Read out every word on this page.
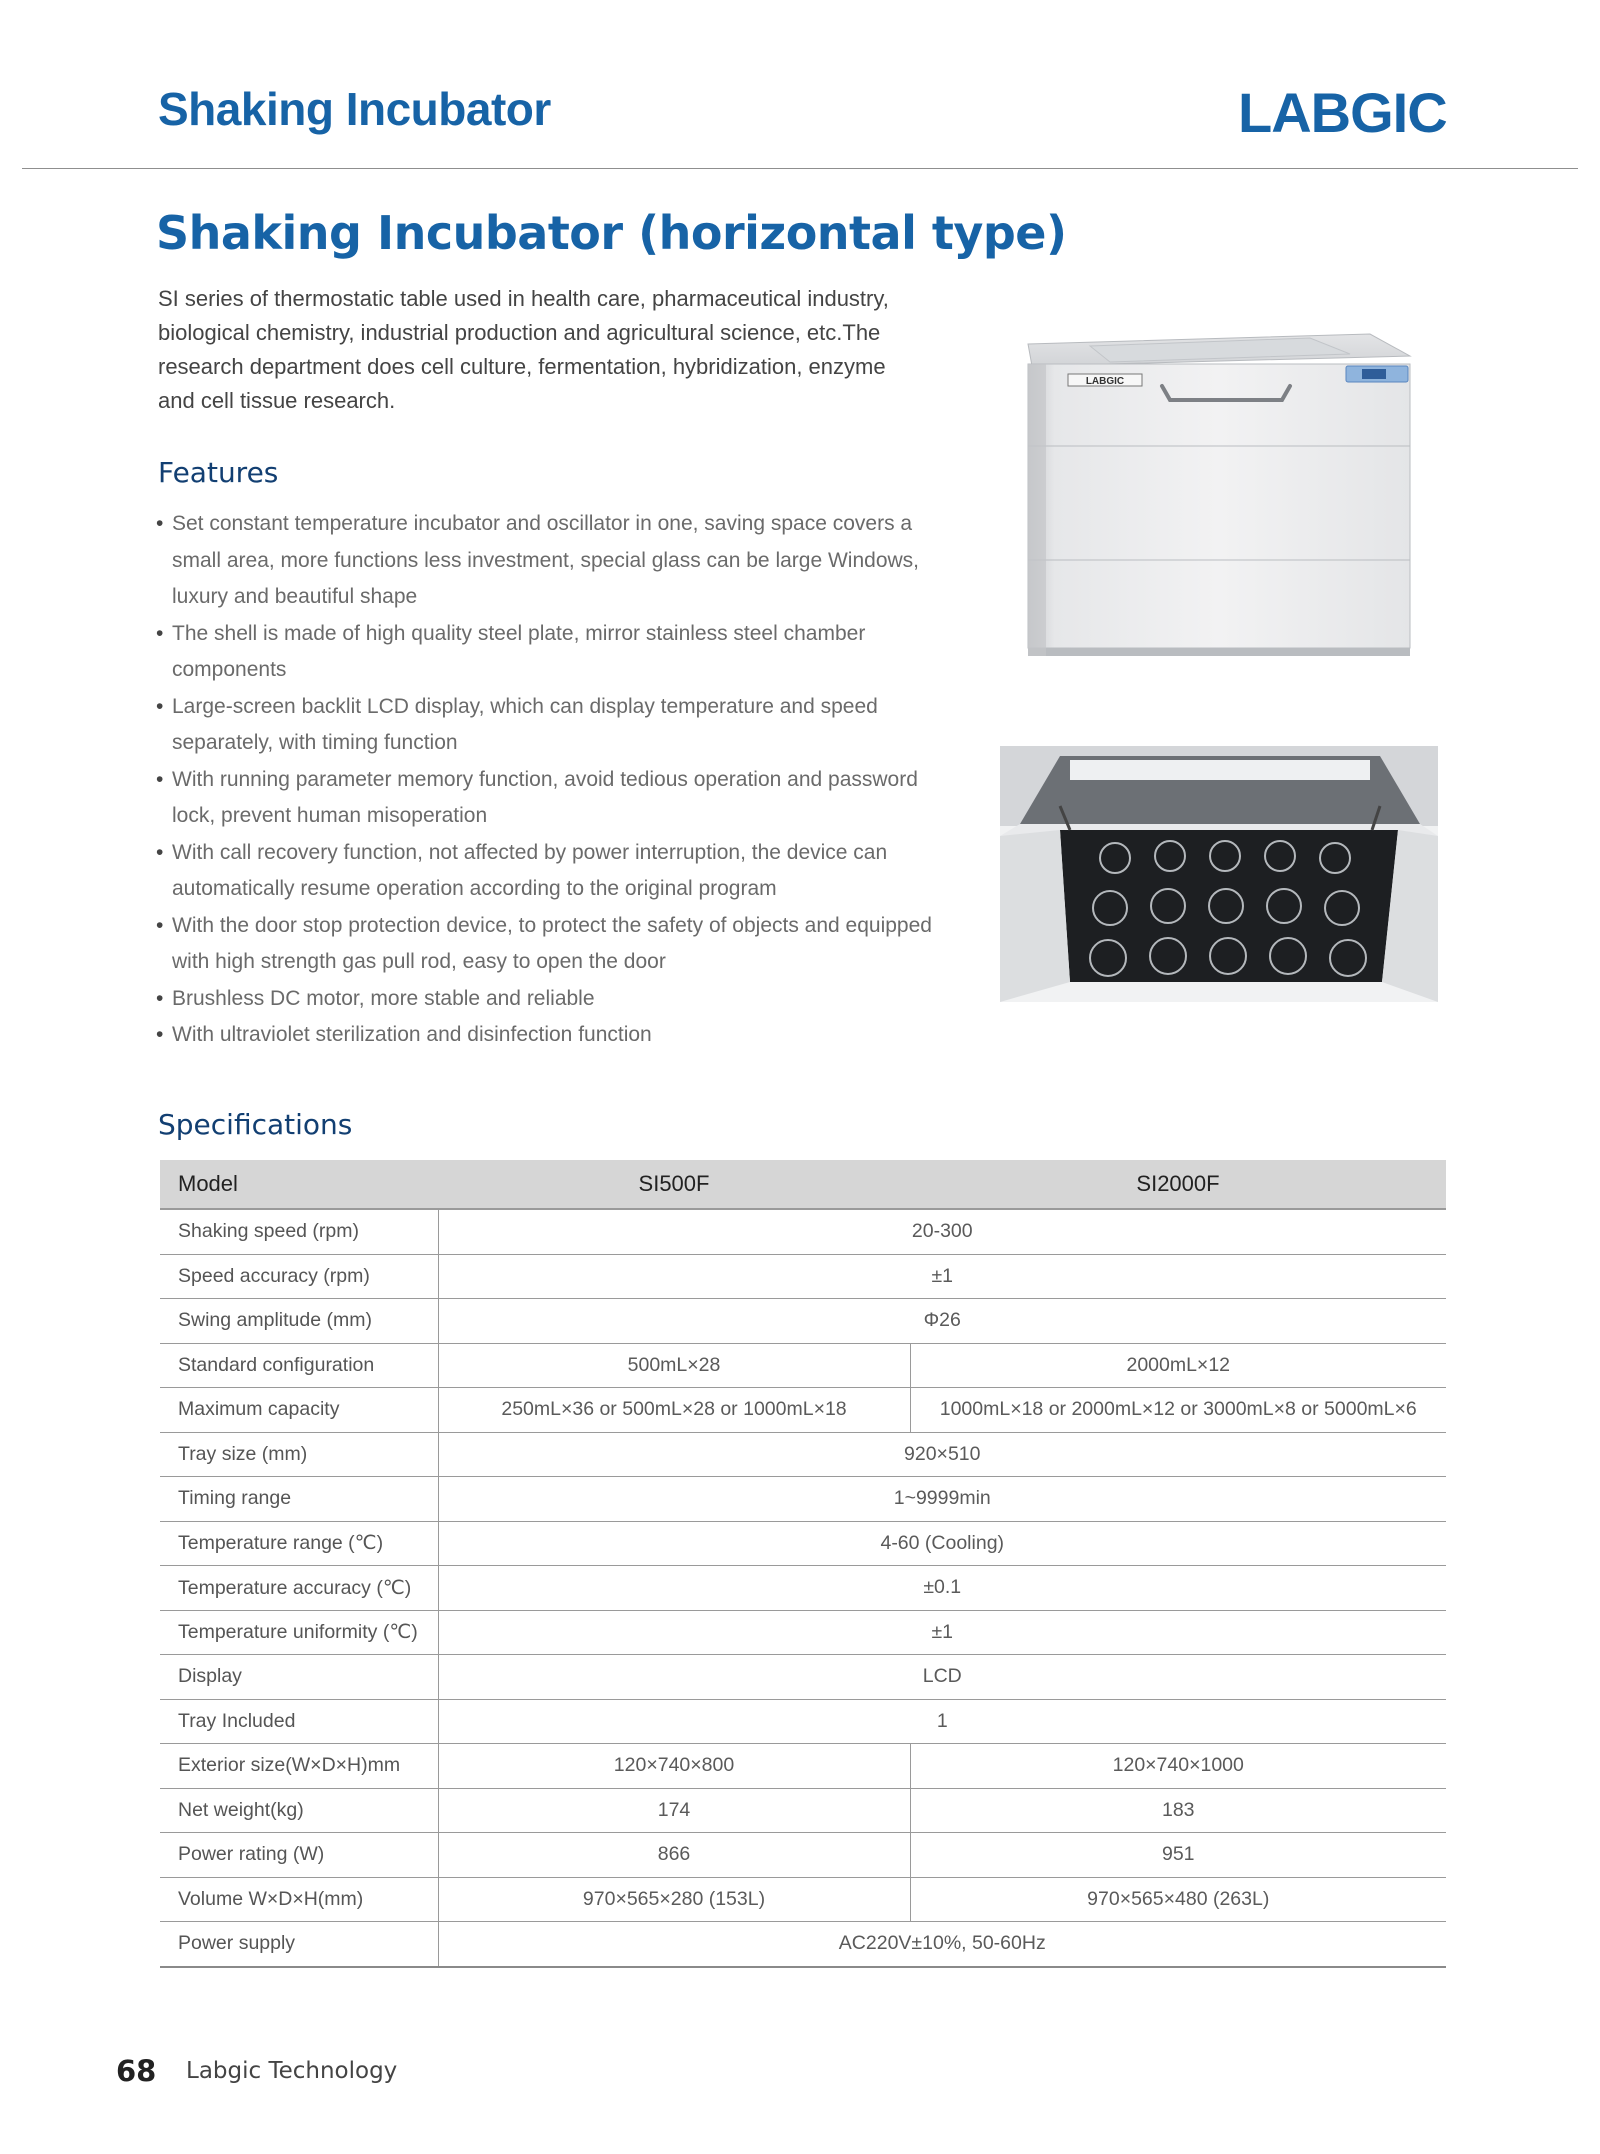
Shaking Incubator	LABGIC
Shaking Incubator (horizontal type)
SI series of thermostatic table used in health care, pharmaceutical industry,
biological chemistry, industrial production and agricultural science, etc.The
research department does cell culture, fermentation, hybridization, enzyme
and cell tissue research.
Features
• Set constant temperature incubator and oscillator in one, saving space covers a
small area, more functions less investment, special glass can be large Windows,
luxury and beautiful shape
• The shell is made of high quality steel plate, mirror stainless steel chamber
components
• Large-screen backlit LCD display, which can display temperature and speed
separately, with timing function
• With running parameter memory function, avoid tedious operation and password
lock, prevent human misoperation
• With call recovery function, not affected by power interruption, the device can
automatically resume operation according to the original program
• With the door stop protection device, to protect the safety of objects and equipped
with high strength gas pull rod, easy to open the door
• Brushless DC motor, more stable and reliable
• With ultraviolet sterilization and disinfection function
LABGIC
Specifications
Model	SI500F	SI2000F
Shaking speed (rpm)	20-300	
Speed accuracy (rpm)	±1	
Swing amplitude (mm)	Φ26	
Standard configuration	500mL×28	2000mL×12
Maximum capacity	250mL×36 or 500mL×28 or 1000mL×18	1000mL×18 or 2000mL×12 or 3000mL×8 or 5000mL×6
Tray size (mm)	920×510	
Timing range	1~9999min	
Temperature range (℃)	4-60 (Cooling)	
Temperature accuracy (℃)	±0.1	
Temperature uniformity (℃)	±1	
Display	LCD	
Tray Included	1	
Exterior size(W×D×H)mm	120×740×800	120×740×1000
Net weight(kg)	174	183
Power rating (W)	866	951
Volume W×D×H(mm)	970×565×280 (153L)	970×565×480 (263L)
Power supply	AC220V±10%, 50-60Hz	
68 Labgic Technology
